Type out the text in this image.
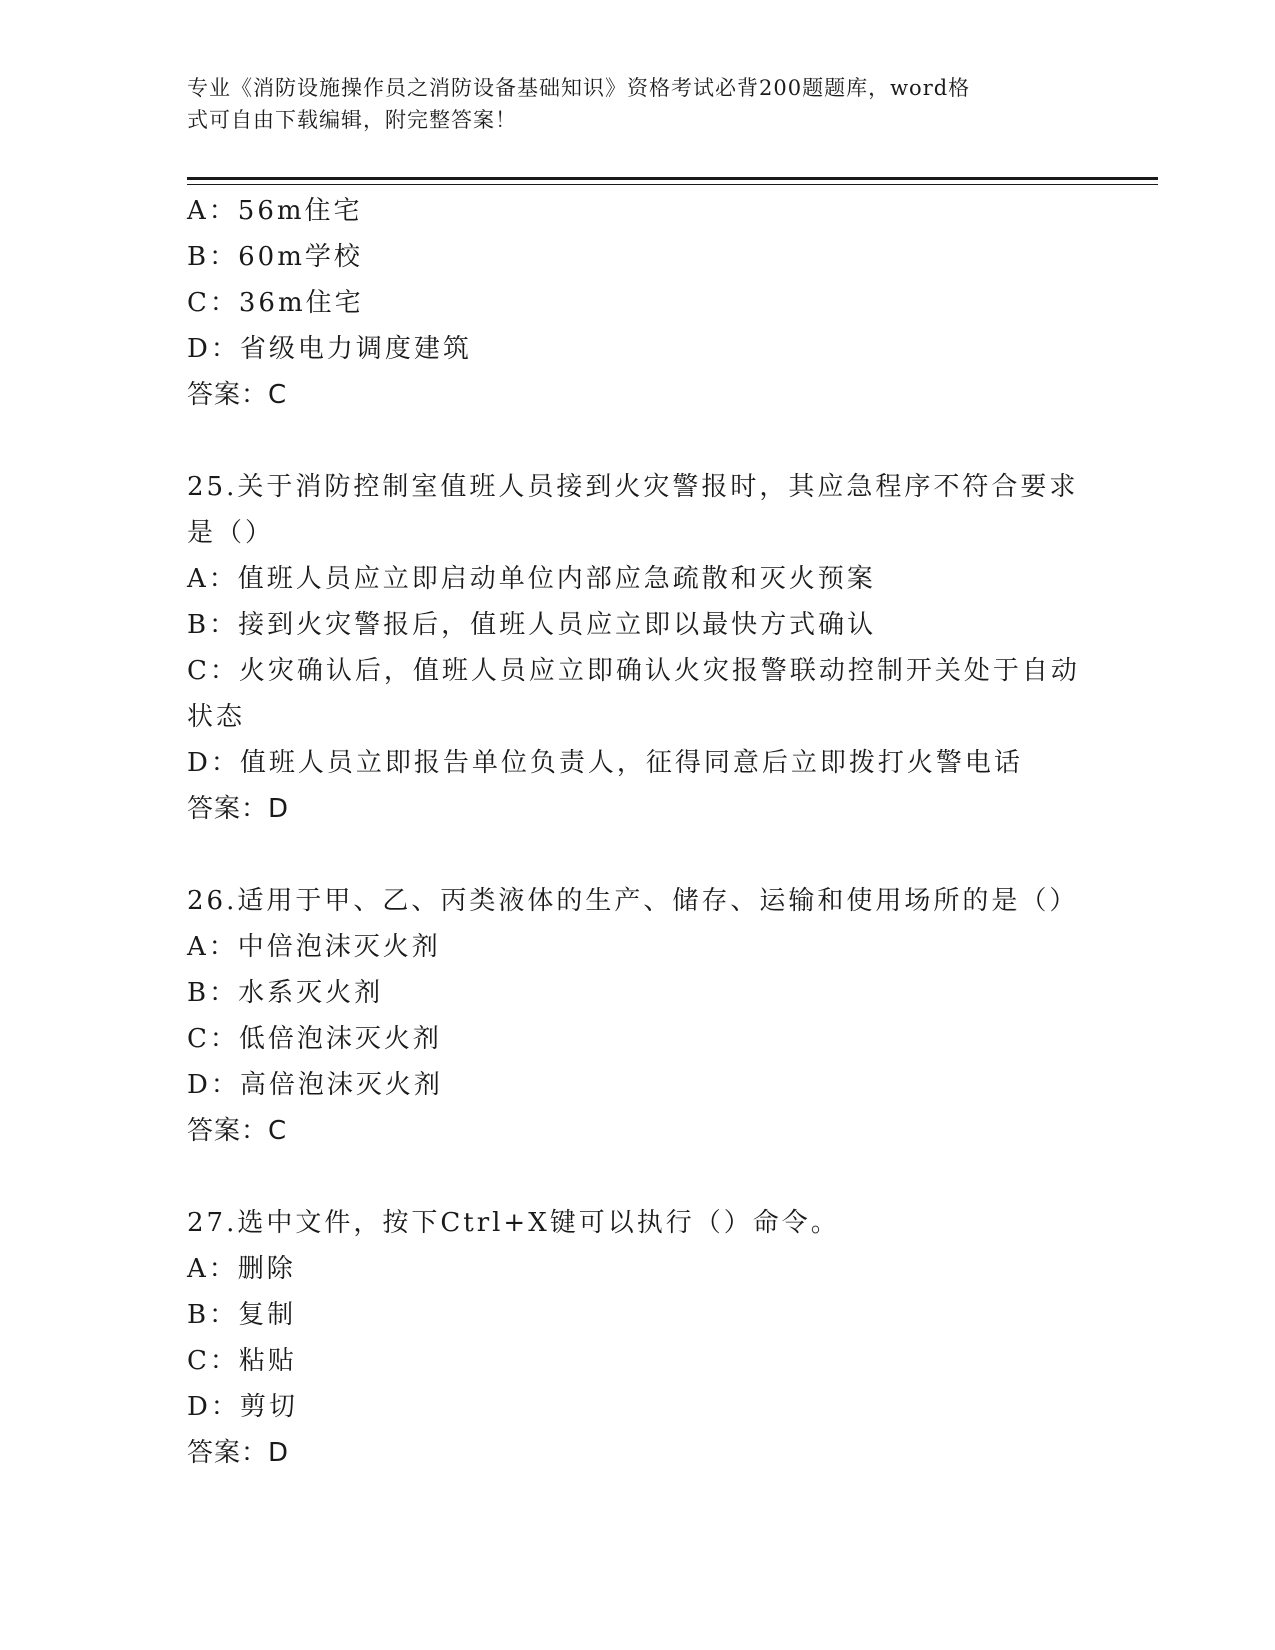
专业《消防设施操作员之消防设备基础知识》资格考试必背200题题库，word格
式可自由下载编辑，附完整答案！
A：56m住宅
B：60m学校
C：36m住宅
D：省级电力调度建筑
答案：C
25.关于消防控制室值班人员接到火灾警报时，其应急程序不符合要求
是（）
A：值班人员应立即启动单位内部应急疏散和灭火预案
B：接到火灾警报后，值班人员应立即以最快方式确认
C：火灾确认后，值班人员应立即确认火灾报警联动控制开关处于自动
状态
D：值班人员立即报告单位负责人，征得同意后立即拨打火警电话
答案：D
26.适用于甲、乙、丙类液体的生产、储存、运输和使用场所的是（）
A：中倍泡沫灭火剂
B：水系灭火剂
C：低倍泡沫灭火剂
D：高倍泡沫灭火剂
答案：C
27.选中文件，按下Ctrl+X键可以执行（）命令。
A：删除
B：复制
C：粘贴
D：剪切
答案：D
